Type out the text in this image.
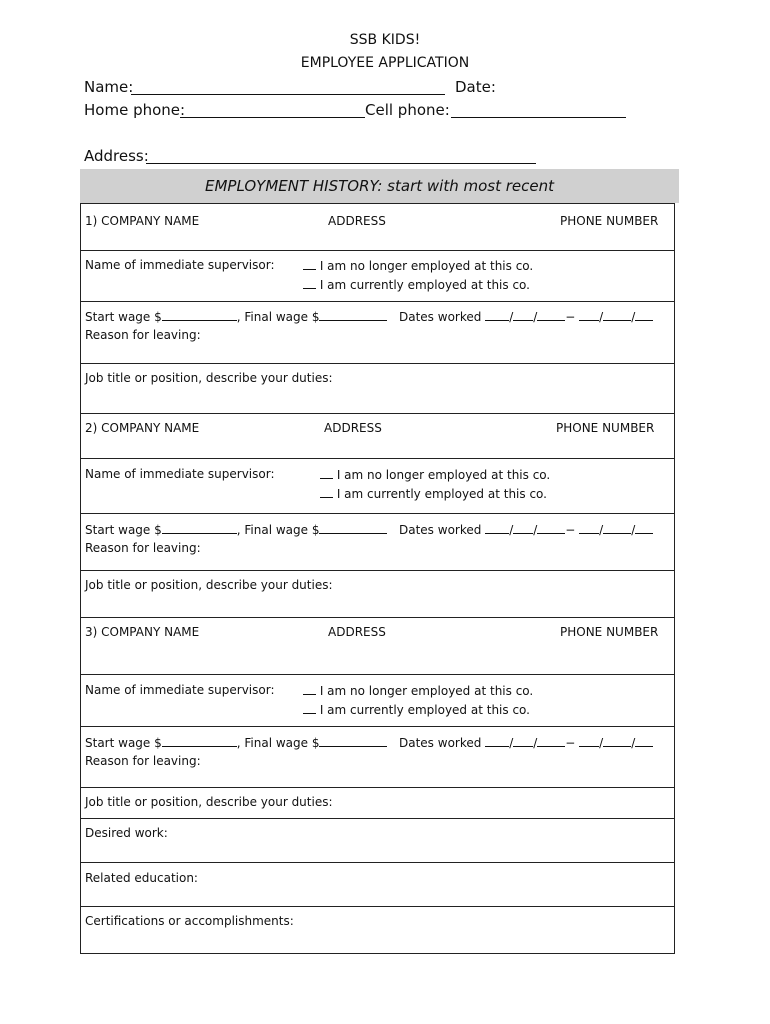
SSB KIDS!
EMPLOYEE APPLICATION
Name:	Date:
Home phone:	Cell phone:
Address:
EMPLOYMENT HISTORY: start with most recent
1) COMPANY NAME	ADDRESS	PHONE NUMBER
Name of immediate supervisor:	I am no longer employed at this co.
I am currently employed at this co.
Start wage $	, Final wage $	Dates worked / / − / /
Reason for leaving:
Job title or position, describe your duties:
2) COMPANY NAME	ADDRESS	PHONE NUMBER
Name of immediate supervisor:	I am no longer employed at this co.
I am currently employed at this co.
Start wage $	, Final wage $	Dates worked / / − / /
Reason for leaving:
Job title or position, describe your duties:
3) COMPANY NAME	ADDRESS	PHONE NUMBER
Name of immediate supervisor:	I am no longer employed at this co.
I am currently employed at this co.
Start wage $	, Final wage $	Dates worked / / − / /
Reason for leaving:
Job title or position, describe your duties:
Desired work:
Related education:
Certifications or accomplishments:
